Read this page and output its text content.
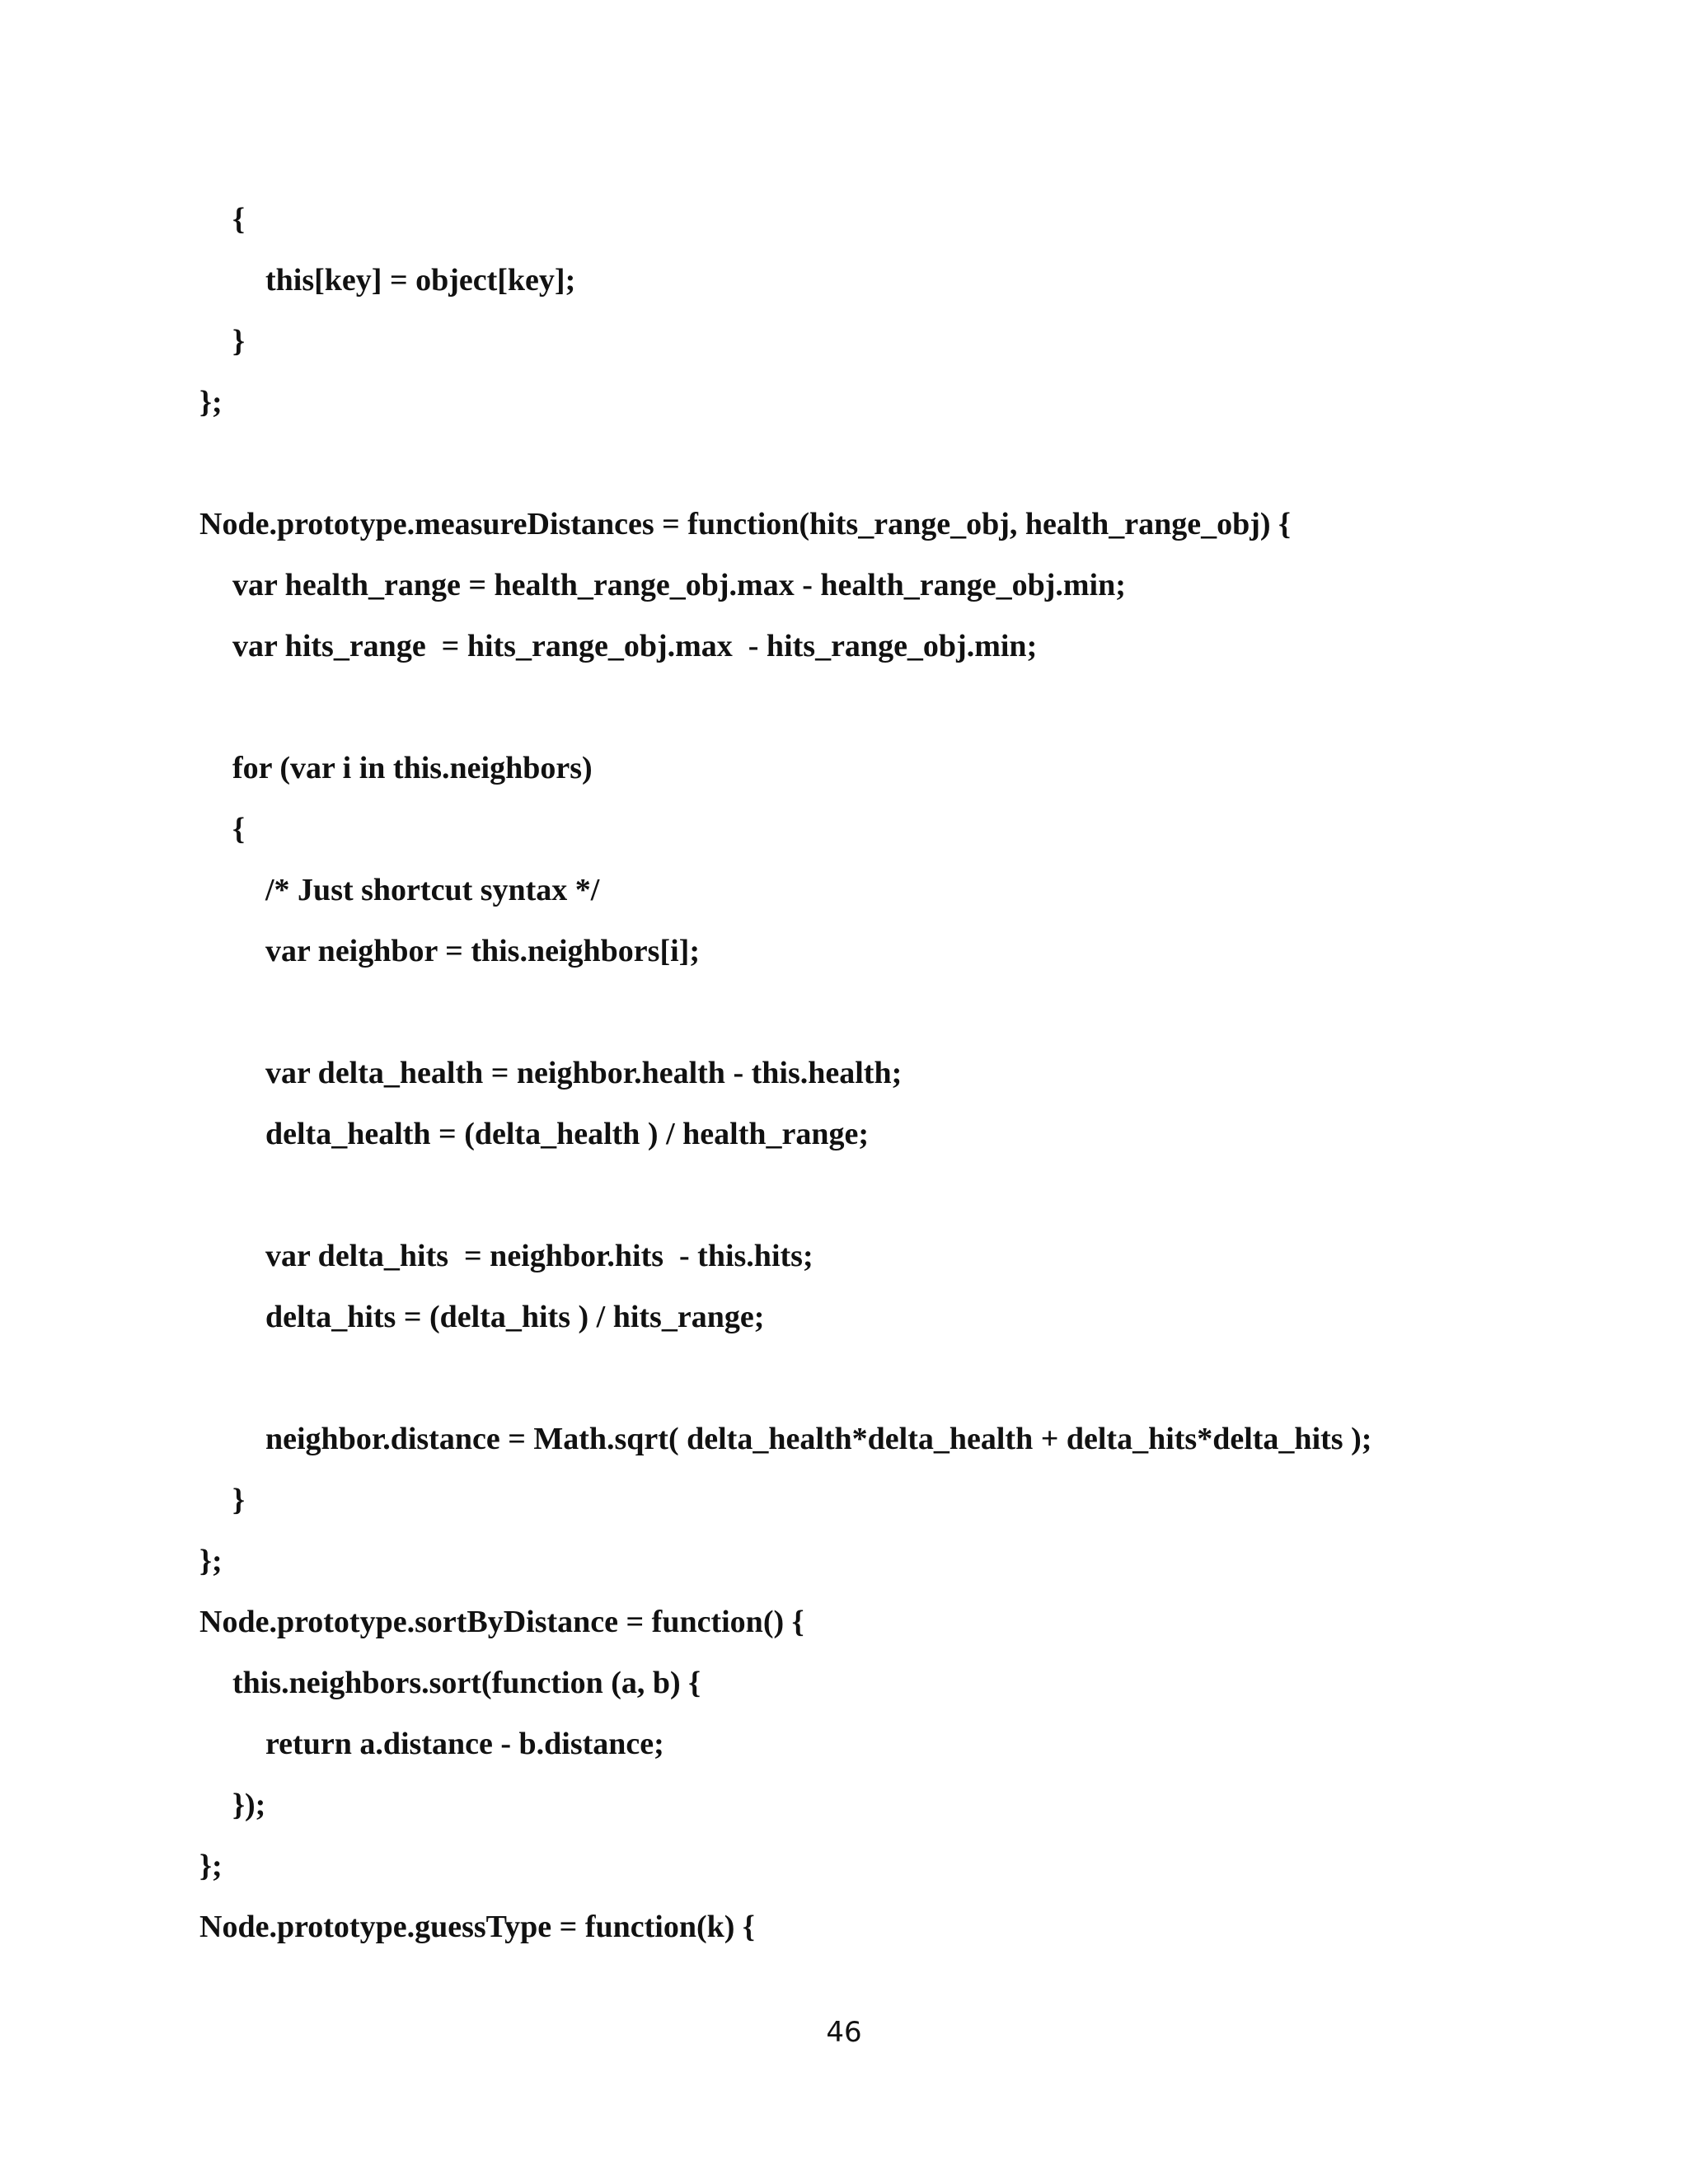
{
this[key] = object[key];
}
};
Node.prototype.measureDistances = function(hits_range_obj, health_range_obj) {
var health_range = health_range_obj.max - health_range_obj.min;
var hits_range  = hits_range_obj.max  - hits_range_obj.min;
for (var i in this.neighbors)
{
/* Just shortcut syntax */
var neighbor = this.neighbors[i];
var delta_health = neighbor.health - this.health;
delta_health = (delta_health ) / health_range;
var delta_hits  = neighbor.hits  - this.hits;
delta_hits = (delta_hits ) / hits_range;
neighbor.distance = Math.sqrt( delta_health*delta_health + delta_hits*delta_hits );
}
};
Node.prototype.sortByDistance = function() {
this.neighbors.sort(function (a, b) {
return a.distance - b.distance;
});
};
Node.prototype.guessType = function(k) {
46
